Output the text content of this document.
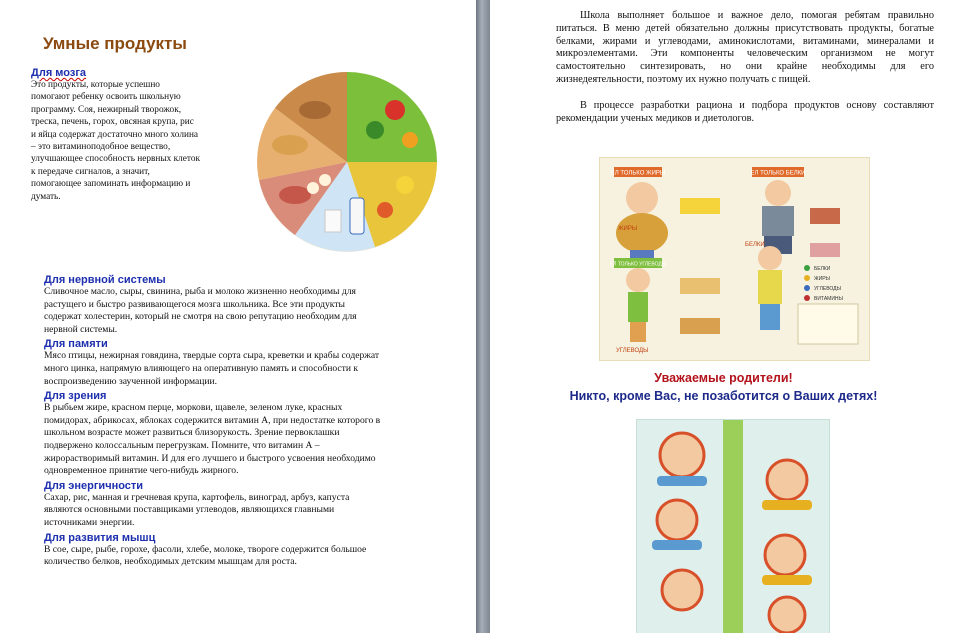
Умные продукты
Для мозга
Это продукты, которые успешно
помогают ребенку освоить школьную
программу. Соя, нежирный творожок,
треска, печень, горох, овсяная крупа, рис
и яйца содержат достаточно много холина
– это витаминоподобное вещество,
улучшающее способность нервных клеток
к передаче сигналов, а значит,
помогающее запоминать информацию и
думать.
Для нервной системы
Сливочное масло, сыры, свинина, рыба и молоко жизненно необходимы для
растущего и быстро развивающегося мозга школьника. Все эти продукты
содержат холестерин, который не смотря на свою репутацию необходим для
нервной системы.
Для памяти
Мясо птицы, нежирная говядина, твердые сорта сыра, креветки и крабы содержат
много цинка, напрямую влияющего на оперативную память и способности к
воспроизведению заученной информации.
Для зрения
В рыбьем жире, красном перце, моркови, щавеле, зеленом луке, красных
помидорах, абрикосах, яблоках содержится витамин А, при недостатке которого в
школьном возрасте может развиться близорукость. Зрение первоклашки
подвержено колоссальным перегрузкам. Помните, что витамин А –
жирорастворимый витамин. И для его лучшего и быстрого усвоения необходимо
одновременное принятие чего-нибудь жирного.
Для энергичности
Сахар, рис, манная и гречневая крупа, картофель, виноград, арбуз, капуста
являются основными поставщиками углеводов, являющихся главными
источниками энергии.
Для развития мышц
В сое, сыре, рыбе, горохе, фасоли, хлебе, молоке, твороге содержится большое
количество белков, необходимых детским мышцам для роста.

Школа выполняет большое и важное дело, помогая ребятам правильно питаться. В меню детей обязательно должны присутствовать продукты, богатые белками, жирами и углеводами, аминокислотами, витаминами, минералами и микроэлементами. Эти компоненты человеческим организмом не могут самостоятельно синтезировать, но они крайне необходимы для его жизнедеятельности, поэтому их нужно получать с пищей.

В процессе разработки рациона и подбора продуктов основу составляют рекомендации ученых медиков и диетологов.

ЕЛ ТОЛЬКО ЖИРЫ	ЕЛ ТОЛЬКО БЕЛКИ
ЕЛ ТОЛЬКО УГЛЕВОДЫ
ЖИРЫ
БЕЛКИ
УГЛЕВОДЫ
БЕЛКИ
ЖИРЫ
УГЛЕВОДЫ
ВИТАМИНЫ

Уважаемые родители!

Никто, кроме Вас, не позаботится о Ваших детях!
